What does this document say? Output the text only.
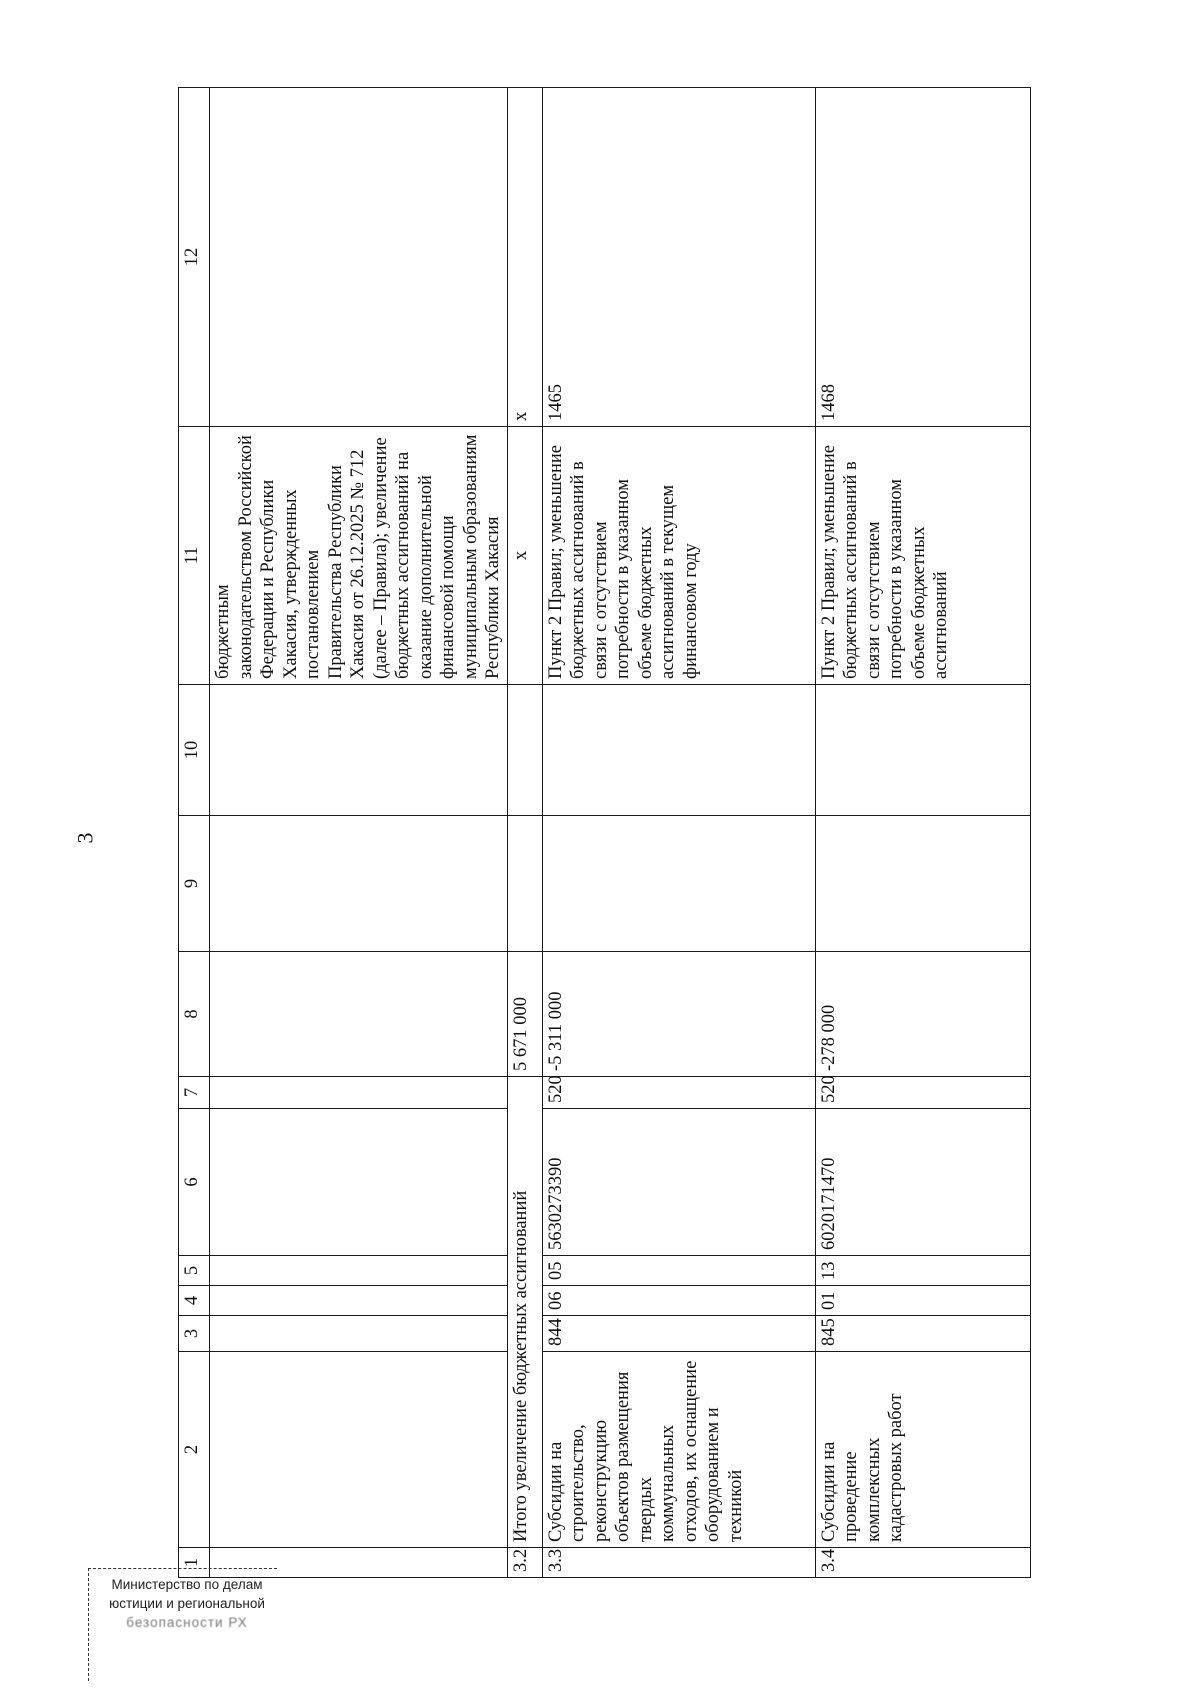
3
1	2	3	4	5	6	7	8	9	10	11	12
										бюджетным законодательством Российской Федерации и Республики Хакасия, утвержденных постановлением Правительства Республики Хакасия от 26.12.2025 № 712 (далее – Правила); увеличение бюджетных ассигнований на оказание дополнительной финансовой помощи муниципальным образованиям Республики Хакасия	
3.2	Итого увеличение бюджетных ассигнований						5 671 000			х	х
3.3	Субсидии на строительство, реконструкцию объектов размещения твердых коммунальных отходов, их оснащение оборудованием и техникой	844	06	05	5630273390	520	-5 311 000			Пункт 2 Правил; уменьшение бюджетных ассигнований в связи с отсутствием потребности в указанном объеме бюджетных ассигнований в текущем финансовом году	1465
3.4	Субсидии на проведение комплексных кадастровых работ	845	01	13	6020171470	520	-278 000			Пункт 2 Правил; уменьшение бюджетных ассигнований в связи с отсутствием потребности в указанном объеме бюджетных ассигнований	1468
Министерство по делам
юстиции и региональной
безопасности РХ
